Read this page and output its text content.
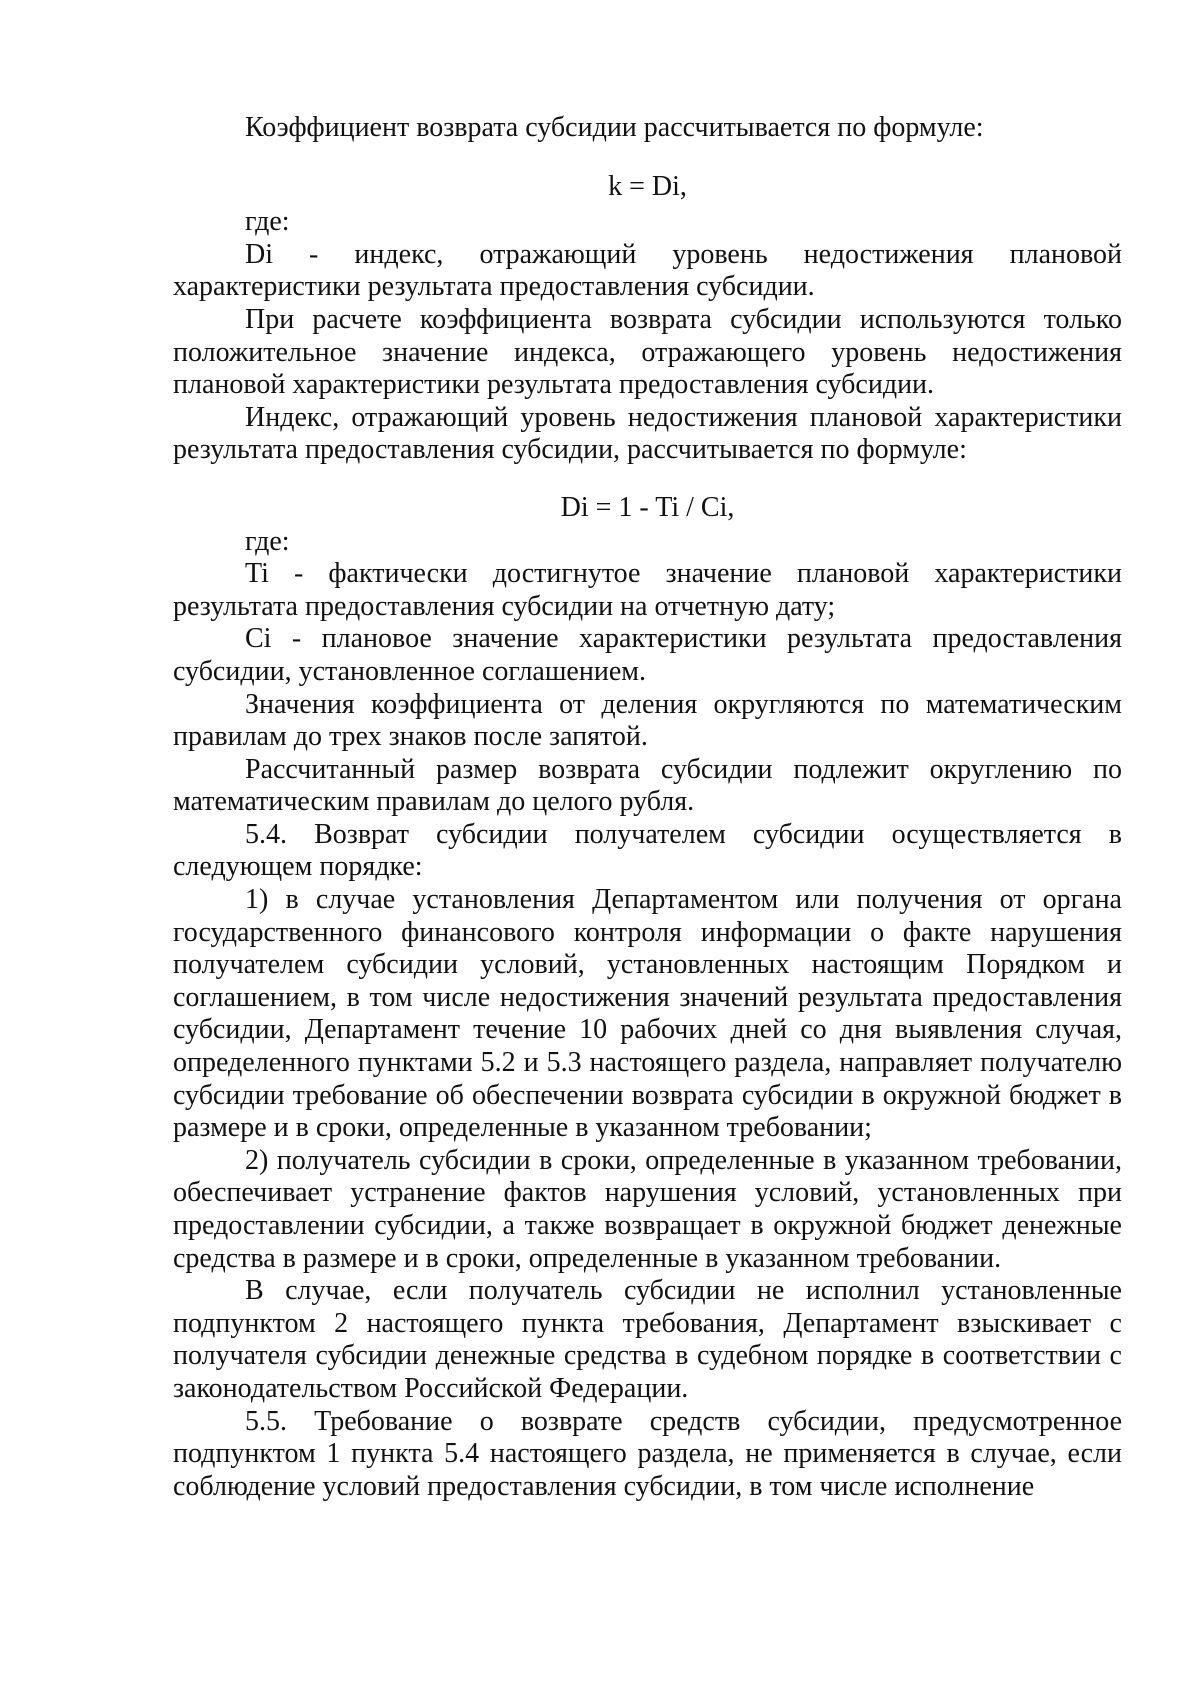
Коэффициент возврата субсидии рассчитывается по формуле:

k = Di,

где:

Di - индекс, отражающий уровень недостижения плановой характеристики результата предоставления субсидии.

При расчете коэффициента возврата субсидии используются только положительное значение индекса, отражающего уровень недостижения плановой характеристики результата предоставления субсидии.

Индекс, отражающий уровень недостижения плановой характеристики результата предоставления субсидии, рассчитывается по формуле:

Di = 1 - Ti / Ci,

где:

Ti - фактически достигнутое значение плановой характеристики результата предоставления субсидии на отчетную дату;

Ci - плановое значение характеристики результата предоставления субсидии, установленное соглашением.

Значения коэффициента от деления округляются по математическим правилам до трех знаков после запятой.

Рассчитанный размер возврата субсидии подлежит округлению по математическим правилам до целого рубля.

5.4. Возврат субсидии получателем субсидии осуществляется в следующем порядке:

1) в случае установления Департаментом или получения от органа государственного финансового контроля информации о факте нарушения получателем субсидии условий, установленных настоящим Порядком и соглашением, в том числе недостижения значений результата предоставления субсидии, Департамент течение 10 рабочих дней со дня выявления случая, определенного пунктами 5.2 и 5.3 настоящего раздела, направляет получателю субсидии требование об обеспечении возврата субсидии в окружной бюджет в размере и в сроки, определенные в указанном требовании;

2) получатель субсидии в сроки, определенные в указанном требовании, обеспечивает устранение фактов нарушения условий, установленных при предоставлении субсидии, а также возвращает в окружной бюджет денежные средства в размере и в сроки, определенные в указанном требовании.

В случае, если получатель субсидии не исполнил установленные подпунктом 2 настоящего пункта требования, Департамент взыскивает с получателя субсидии денежные средства в судебном порядке в соответствии с законодательством Российской Федерации.

5.5. Требование о возврате средств субсидии, предусмотренное подпунктом 1 пункта 5.4 настоящего раздела, не применяется в случае, если соблюдение условий предоставления субсидии, в том числе исполнение
